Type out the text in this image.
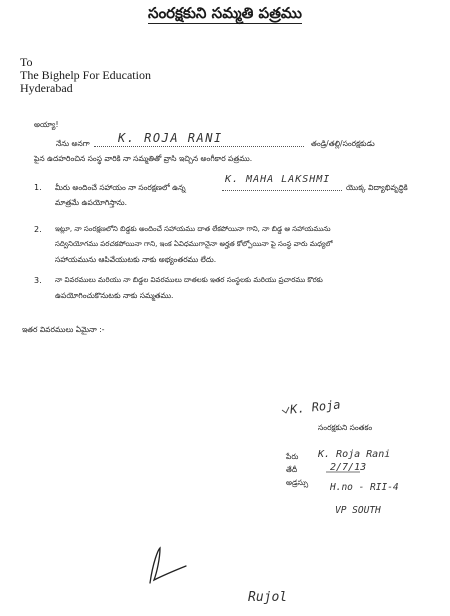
సంరక్షకుని సమ్మతి పత్రము
To
The Bighelp For Education
Hyderabad
అయ్యా!
నేను అనగా K. ROJA RANI	తండ్రి/తల్లి/సంరక్షకుడు
పైన ఉదహరించిన సంస్థ వారికి నా సమ్మతితో వ్రాసి ఇచ్చిన అంగీకార పత్రము.
1. మీరు అందించే సహాయం నా సంరక్షణలో ఉన్న
K. MAHA LAKSHMI
యొక్క విద్యాభివృద్ధికి
మాత్రమే ఉపయోగిస్తాను.
2. ఇట్లూ, నా సంరక్షణలోని బిడ్డకు అందించే సహాయము దాత లేకపోయినా గాని, నా బిడ్డ ఆ సహాయమును
సద్వినియోగము పరచకపోయినా గాని, ఇంక ఏవిధముగానైనా అర్హత కోల్పోయినా పై సంస్థ వారు మధ్యలో
సహాయమును ఆపివేయుటకు నాకు అభ్యంతరము లేదు.
3. నా వివరములు మరియు నా బిడ్డల వివరములు దాతలకు ఇతర సంస్థలకు మరియు ప్రచారము కొరకు
ఉపయోగించుకొనుటకు నాకు సమ్మతము.
ఇతర వివరములు ఏమైనా :-
K. Roja
సంరక్షకుని సంతకం
పేరు K. Roja Rani
తేదీ	2/7/13
అడ్రస్సు H.no - RII-4
VP SOUTH
Rujol
